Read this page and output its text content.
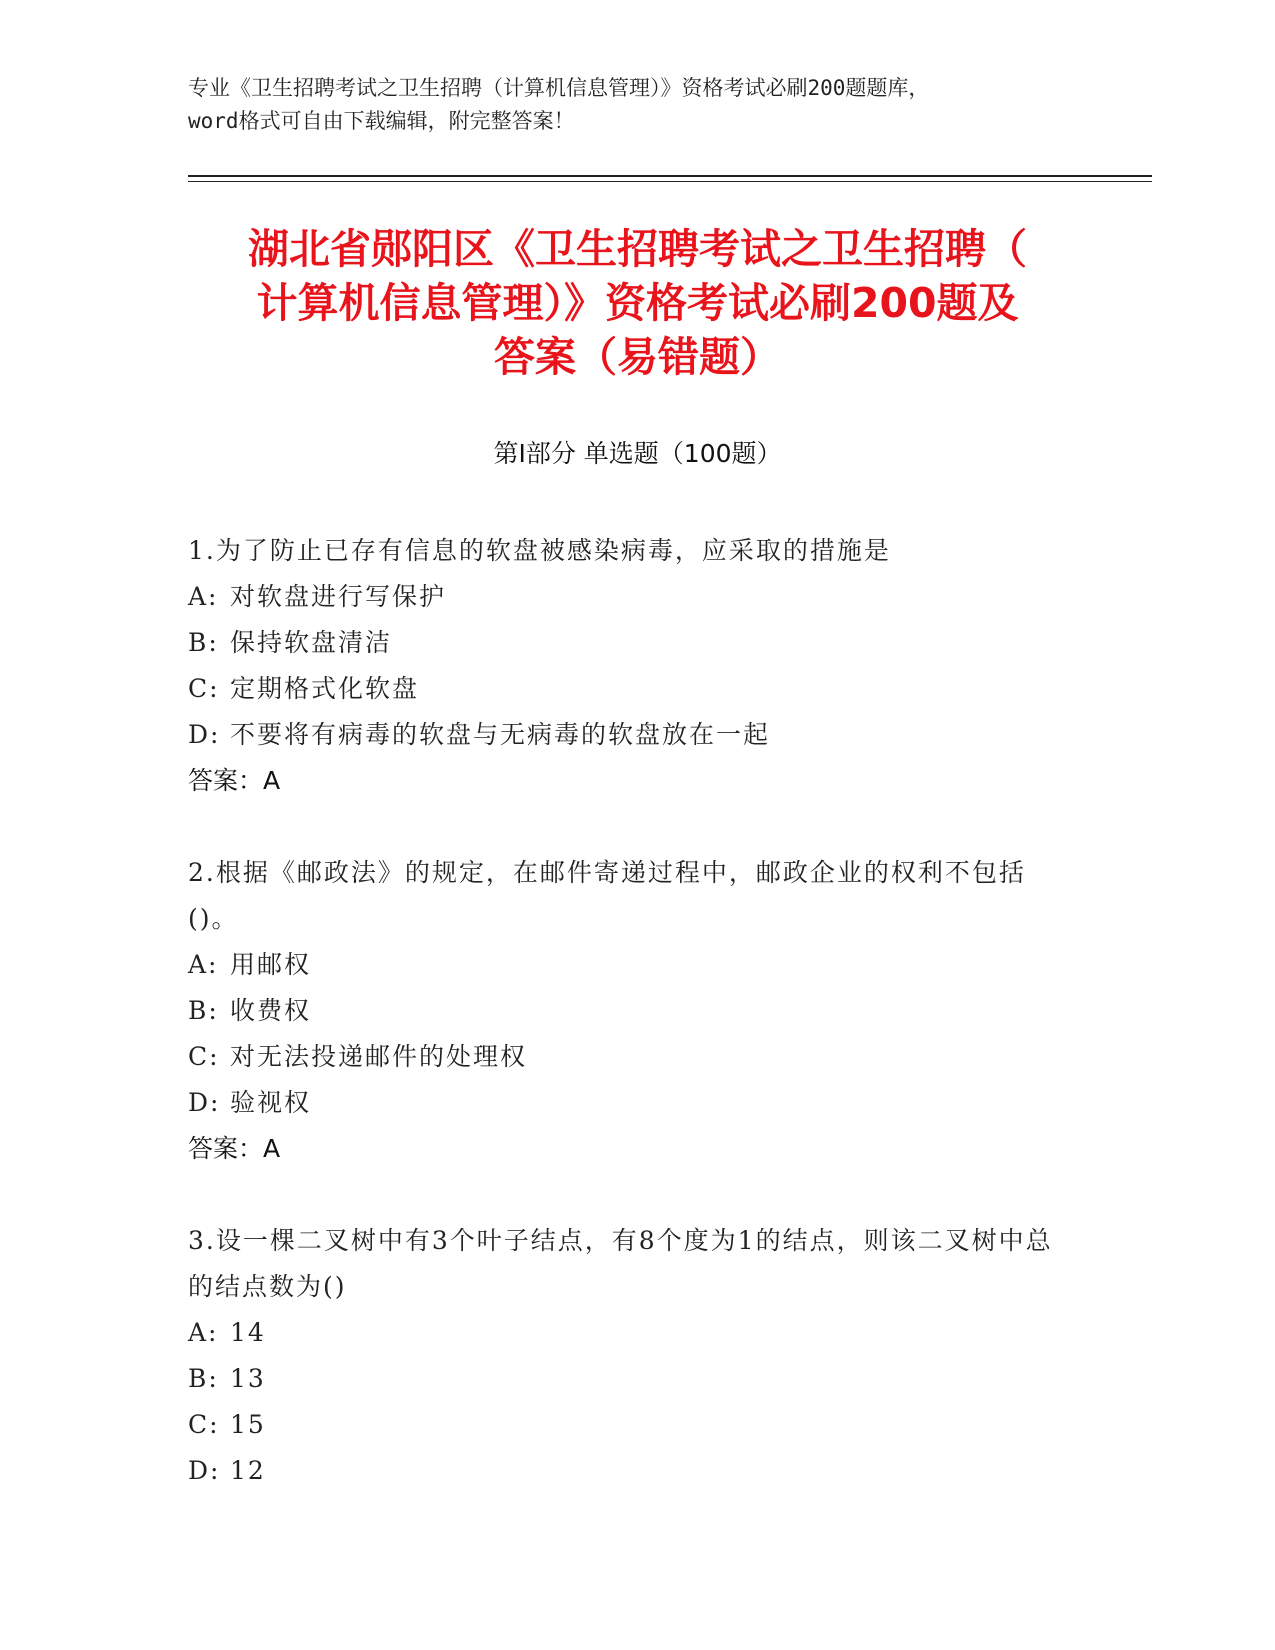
专业《卫生招聘考试之卫生招聘（计算机信息管理）》资格考试必刷200题题库，
word格式可自由下载编辑，附完整答案！
湖北省郧阳区《卫生招聘考试之卫生招聘（
计算机信息管理）》资格考试必刷200题及
答案（易错题）
第I部分 单选题（100题）
1.为了防止已存有信息的软盘被感染病毒，应采取的措施是
A: 对软盘进行写保护
B: 保持软盘清洁
C: 定期格式化软盘
D: 不要将有病毒的软盘与无病毒的软盘放在一起
答案：A
2.根据《邮政法》的规定，在邮件寄递过程中，邮政企业的权利不包括()。
A: 用邮权
B: 收费权
C: 对无法投递邮件的处理权
D: 验视权
答案：A
3.设一棵二叉树中有3个叶子结点，有8个度为1的结点，则该二叉树中总的结点数为()
A: 14
B: 13
C: 15
D: 12
